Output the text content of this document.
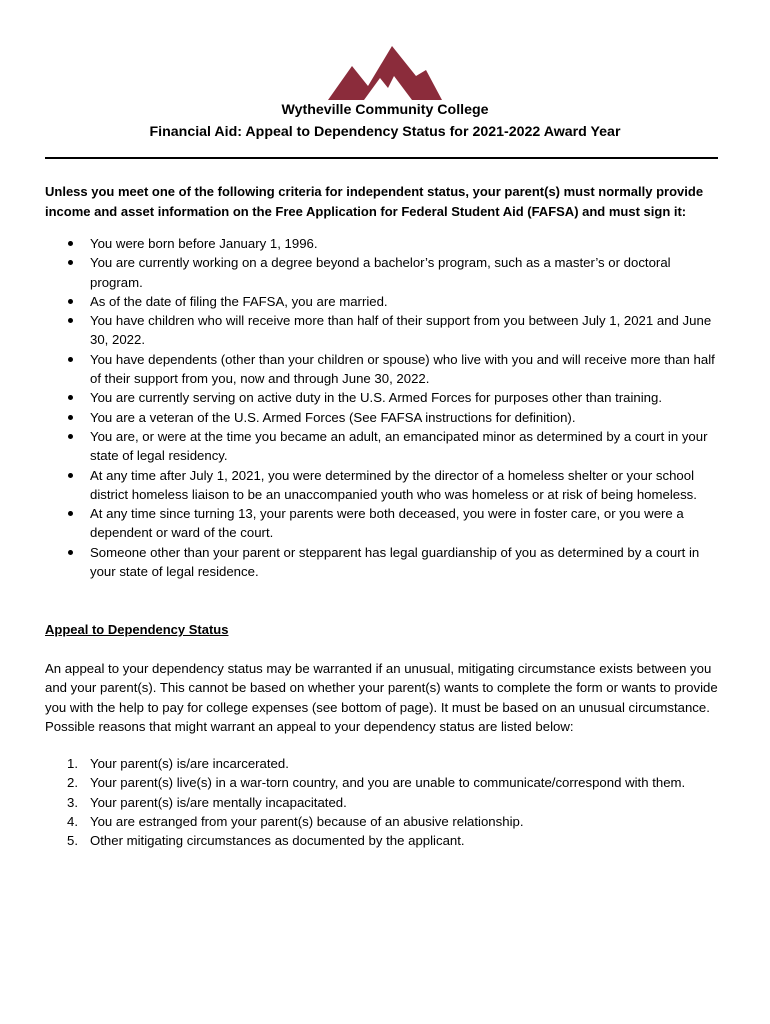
Wytheville Community College
Financial Aid: Appeal to Dependency Status for 2021-2022 Award Year
Unless you meet one of the following criteria for independent status, your parent(s) must normally provide income and asset information on the Free Application for Federal Student Aid (FAFSA) and must sign it:
You were born before January 1, 1996.
You are currently working on a degree beyond a bachelor’s program, such as a master’s or doctoral program.
As of the date of filing the FAFSA, you are married.
You have children who will receive more than half of their support from you between July 1, 2021 and June 30, 2022.
You have dependents (other than your children or spouse) who live with you and will receive more than half of their support from you, now and through June 30, 2022.
You are currently serving on active duty in the U.S. Armed Forces for purposes other than training.
You are a veteran of the U.S. Armed Forces (See FAFSA instructions for definition).
You are, or were at the time you became an adult, an emancipated minor as determined by a court in your state of legal residency.
At any time after July 1, 2021, you were determined by the director of a homeless shelter or your school district homeless liaison to be an unaccompanied youth who was homeless or at risk of being homeless.
At any time since turning 13, your parents were both deceased, you were in foster care, or you were a dependent or ward of the court.
Someone other than your parent or stepparent has legal guardianship of you as determined by a court in your state of legal residence.
Appeal to Dependency Status
An appeal to your dependency status may be warranted if an unusual, mitigating circumstance exists between you and your parent(s). This cannot be based on whether your parent(s) wants to complete the form or wants to provide you with the help to pay for college expenses (see bottom of page). It must be based on an unusual circumstance. Possible reasons that might warrant an appeal to your dependency status are listed below:
1. Your parent(s) is/are incarcerated.
2. Your parent(s) live(s) in a war-torn country, and you are unable to communicate/correspond with them.
3. Your parent(s) is/are mentally incapacitated.
4. You are estranged from your parent(s) because of an abusive relationship.
5. Other mitigating circumstances as documented by the applicant.
